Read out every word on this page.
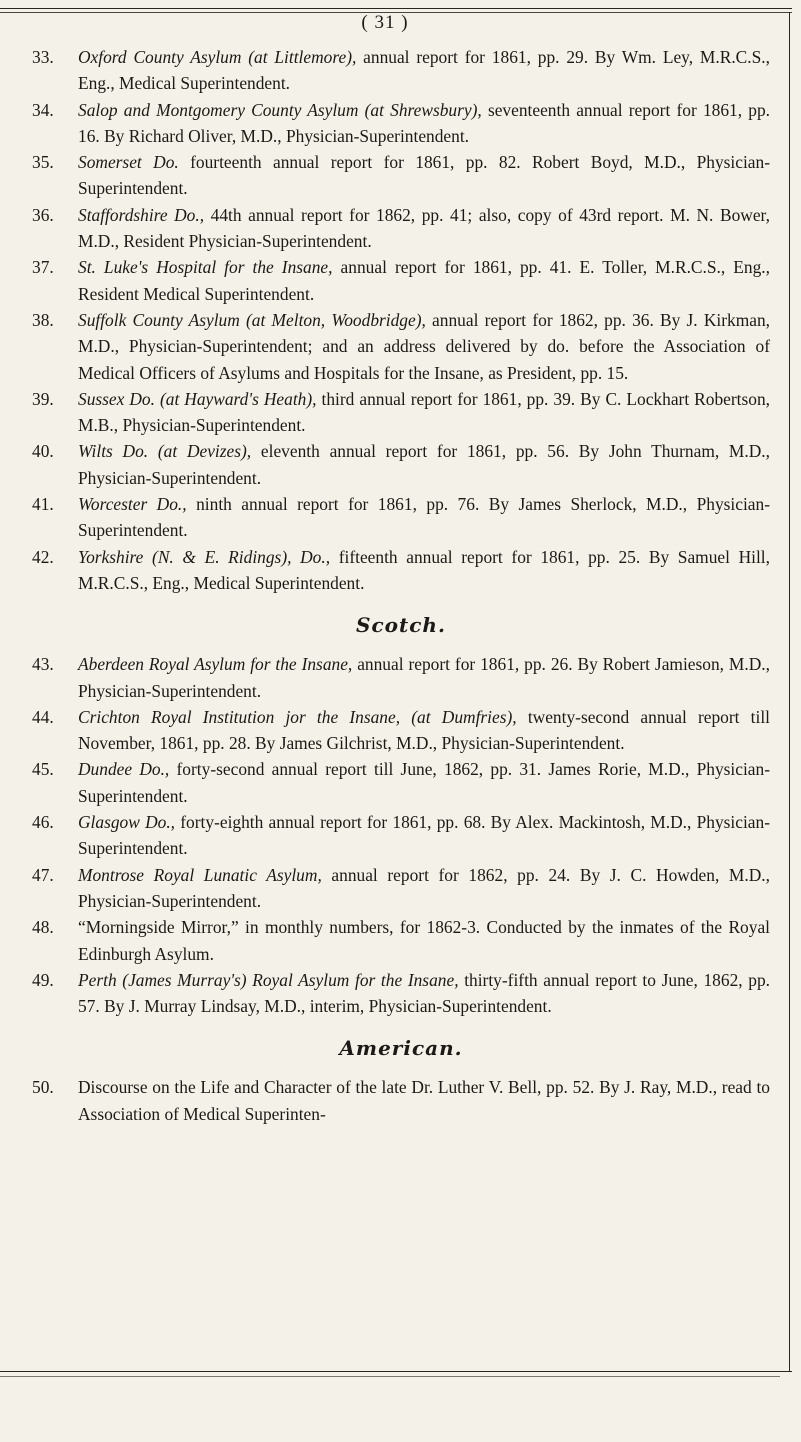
( 31 )
33. Oxford County Asylum (at Littlemore), annual report for 1861, pp. 29. By Wm. Ley, M.R.C.S., Eng., Medical Superintendent.
34. Salop and Montgomery County Asylum (at Shrewsbury), seventeenth annual report for 1861, pp. 16. By Richard Oliver, M.D., Physician-Superintendent.
35. Somerset Do. fourteenth annual report for 1861, pp. 82. Robert Boyd, M.D., Physician-Superintendent.
36. Staffordshire Do., 44th annual report for 1862, pp. 41; also, copy of 43rd report. M. N. Bower, M.D., Resident Physician-Superintendent.
37. St. Luke's Hospital for the Insane, annual report for 1861, pp. 41. E. Toller, M.R.C.S., Eng., Resident Medical Superintendent.
38. Suffolk County Asylum (at Melton, Woodbridge), annual report for 1862, pp. 36. By J. Kirkman, M.D., Physician-Superintendent; and an address delivered by do. before the Association of Medical Officers of Asylums and Hospitals for the Insane, as President, pp. 15.
39. Sussex Do. (at Hayward's Heath), third annual report for 1861, pp. 39. By C. Lockhart Robertson, M.B., Physician-Superintendent.
40. Wilts Do. (at Devizes), eleventh annual report for 1861, pp. 56. By John Thurnam, M.D., Physician-Superintendent.
41. Worcester Do., ninth annual report for 1861, pp. 76. By James Sherlock, M.D., Physician-Superintendent.
42. Yorkshire (N. & E. Ridings), Do., fifteenth annual report for 1861, pp. 25. By Samuel Hill, M.R.C.S., Eng., Medical Superintendent.
Scotch.
43. Aberdeen Royal Asylum for the Insane, annual report for 1861, pp. 26. By Robert Jamieson, M.D., Physician-Superintendent.
44. Crichton Royal Institution jor the Insane, (at Dumfries), twenty-second annual report till November, 1861, pp. 28. By James Gilchrist, M.D., Physician-Superintendent.
45. Dundee Do., forty-second annual report till June, 1862, pp. 31. James Rorie, M.D., Physician-Superintendent.
46. Glasgow Do., forty-eighth annual report for 1861, pp. 68. By Alex. Mackintosh, M.D., Physician-Superintendent.
47. Montrose Royal Lunatic Asylum, annual report for 1862, pp. 24. By J. C. Howden, M.D., Physician-Superintendent.
48. “Morningside Mirror,” in monthly numbers, for 1862-3. Conducted by the inmates of the Royal Edinburgh Asylum.
49. Perth (James Murray's) Royal Asylum for the Insane, thirty-fifth annual report to June, 1862, pp. 57. By J. Murray Lindsay, M.D., interim, Physician-Superintendent.
American.
50. Discourse on the Life and Character of the late Dr. Luther V. Bell, pp. 52. By J. Ray, M.D., read to Association of Medical Superinten-
